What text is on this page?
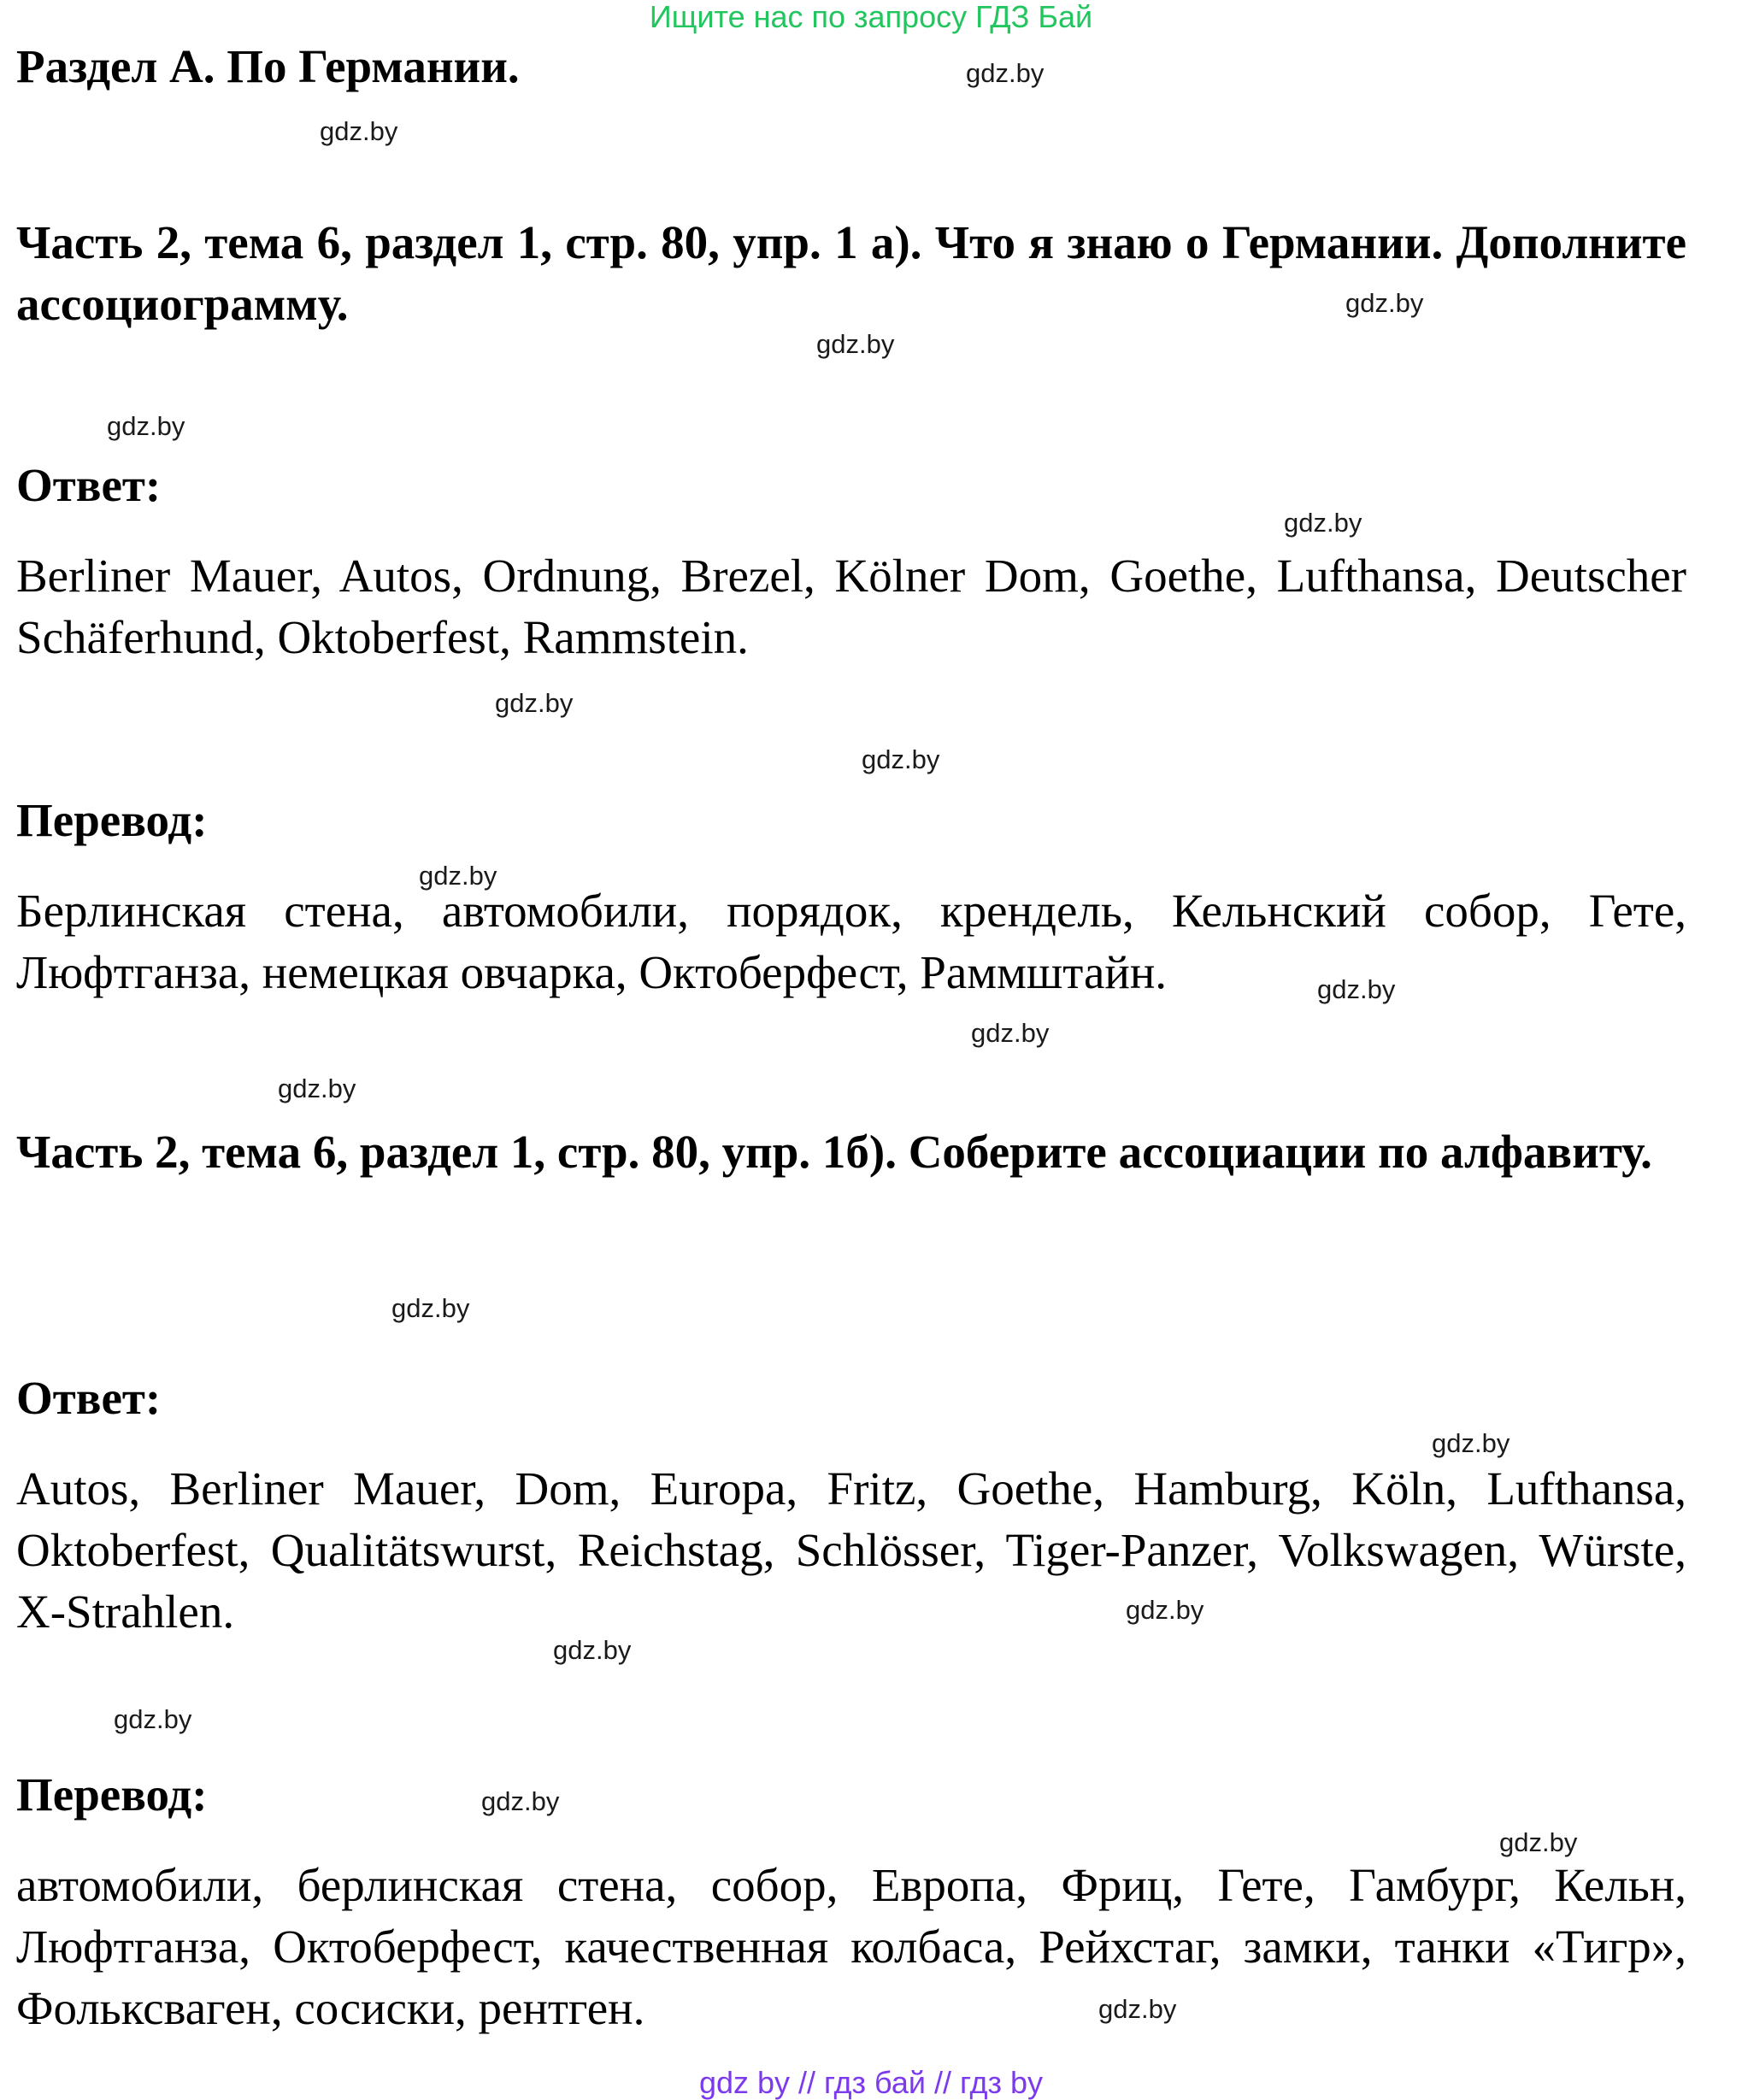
Ищите нас по запросу ГДЗ Бай
Раздел А. По Германии.

Часть 2, тема 6, раздел 1, стр. 80, упр. 1 а). Что я знаю о Германии. Дополните ассоциограмму.

Ответ:

Berliner Mauer, Autos, Ordnung, Brezel, Kölner Dom, Goethe, Lufthansa, Deutscher Schäferhund, Oktoberfest, Rammstein.

Перевод:

Берлинская стена, автомобили, порядок, крендель, Кельнский собор, Гете, Люфтганза, немецкая овчарка, Октоберфест, Раммштайн.

Часть 2, тема 6, раздел 1, стр. 80, упр. 1б). Соберите ассоциации по алфавиту.

Ответ:

Autos, Berliner Mauer, Dom, Europa, Fritz, Goethe, Hamburg, Köln, Lufthansa, Oktoberfest, Qualitätswurst, Reichstag, Schlösser, Tiger-Panzer, Volkswagen, Würste, X-Strahlen.

Перевод:

автомобили, берлинская стена, собор, Европа, Фриц, Гете, Гамбург, Кельн, Люфтганза, Октоберфест, качественная колбаса, Рейхстаг, замки, танки «Тигр», Фольксваген, сосиски, рентген.

gdz.by
gdz.by
gdz.by
gdz.by
gdz.by
gdz.by
gdz.by
gdz.by
gdz.by
gdz.by
gdz.by
gdz.by
gdz.by
gdz.by
gdz.by
gdz.by
gdz.by
gdz.by
gdz.by
gdz.by
gdz by // гдз бай // гдз by
